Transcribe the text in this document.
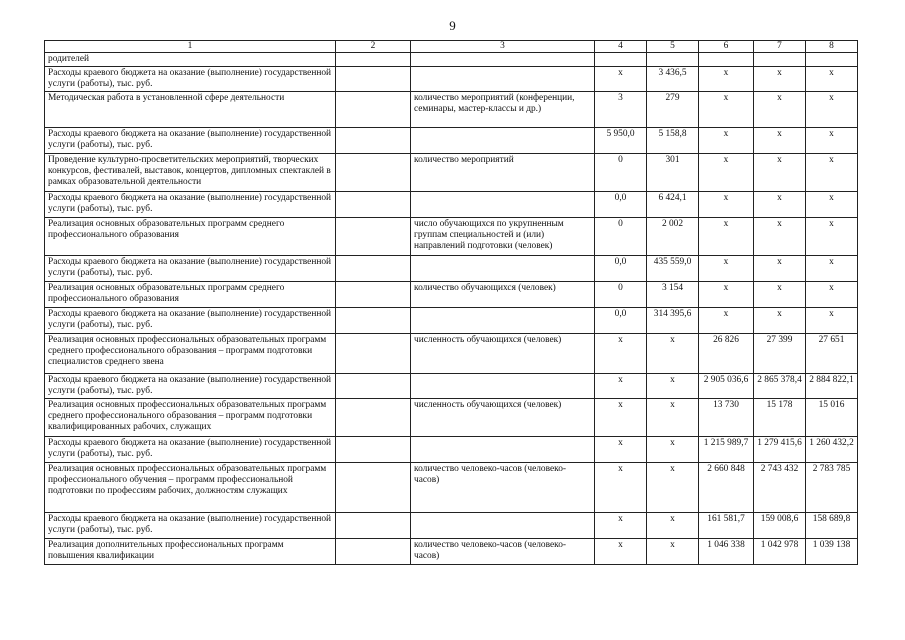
9
1	2	3	4	5	6	7	8
родителей							
Расходы краевого бюджета на оказание (выполнение) государственной услуги (работы), тыс. руб.			х	3 436,5	х	х	х
Методическая работа в установленной сфере деятельности		количество мероприятий (конференции, семинары, мастер-классы и др.)	3	279	х	х	х
Расходы краевого бюджета на оказание (выполнение) государственной услуги (работы), тыс. руб.			5 950,0	5 158,8	х	х	х
Проведение культурно-просветительских мероприятий, творческих конкурсов, фестивалей, выставок, концертов, дипломных спектаклей в рамках образовательной деятельности		количество мероприятий	0	301	х	х	х
Расходы краевого бюджета на оказание (выполнение) государственной услуги (работы), тыс. руб.			0,0	6 424,1	х	х	х
Реализация основных образовательных программ среднего профессионального образования		число обучающихся по укрупненным группам специальностей и (или) направлений подготовки (человек)	0	2 002	х	х	х
Расходы краевого бюджета на оказание (выполнение) государственной услуги (работы), тыс. руб.			0,0	435 559,0	х	х	х
Реализация основных образовательных программ среднего профессионального образования		количество обучающихся (человек)	0	3 154	х	х	х
Расходы краевого бюджета на оказание (выполнение) государственной услуги (работы), тыс. руб.			0,0	314 395,6	х	х	х
Реализация основных профессиональных образовательных программ среднего профессионального образования – программ подготовки специалистов среднего звена		численность обучающихся (человек)	х	х	26 826	27 399	27 651
Расходы краевого бюджета на оказание (выполнение) государственной услуги (работы), тыс. руб.			х	х	2 905 036,6	2 865 378,4	2 884 822,1
Реализация основных профессиональных образовательных программ среднего профессионального образования – программ подготовки квалифицированных рабочих, служащих		численность обучающихся (человек)	х	х	13 730	15 178	15 016
Расходы краевого бюджета на оказание (выполнение) государственной услуги (работы), тыс. руб.			х	х	1 215 989,7	1 279 415,6	1 260 432,2
Реализация основных профессиональных образовательных программ профессионального обучения – программ профессиональной подготовки по профессиям рабочих, должностям служащих		количество человеко-часов (человеко-часов)	х	х	2 660 848	2 743 432	2 783 785
Расходы краевого бюджета на оказание (выполнение) государственной услуги (работы), тыс. руб.			х	х	161 581,7	159 008,6	158 689,8
Реализация дополнительных профессиональных программ повышения квалификации		количество человеко-часов (человеко-часов)	х	х	1 046 338	1 042 978	1 039 138
